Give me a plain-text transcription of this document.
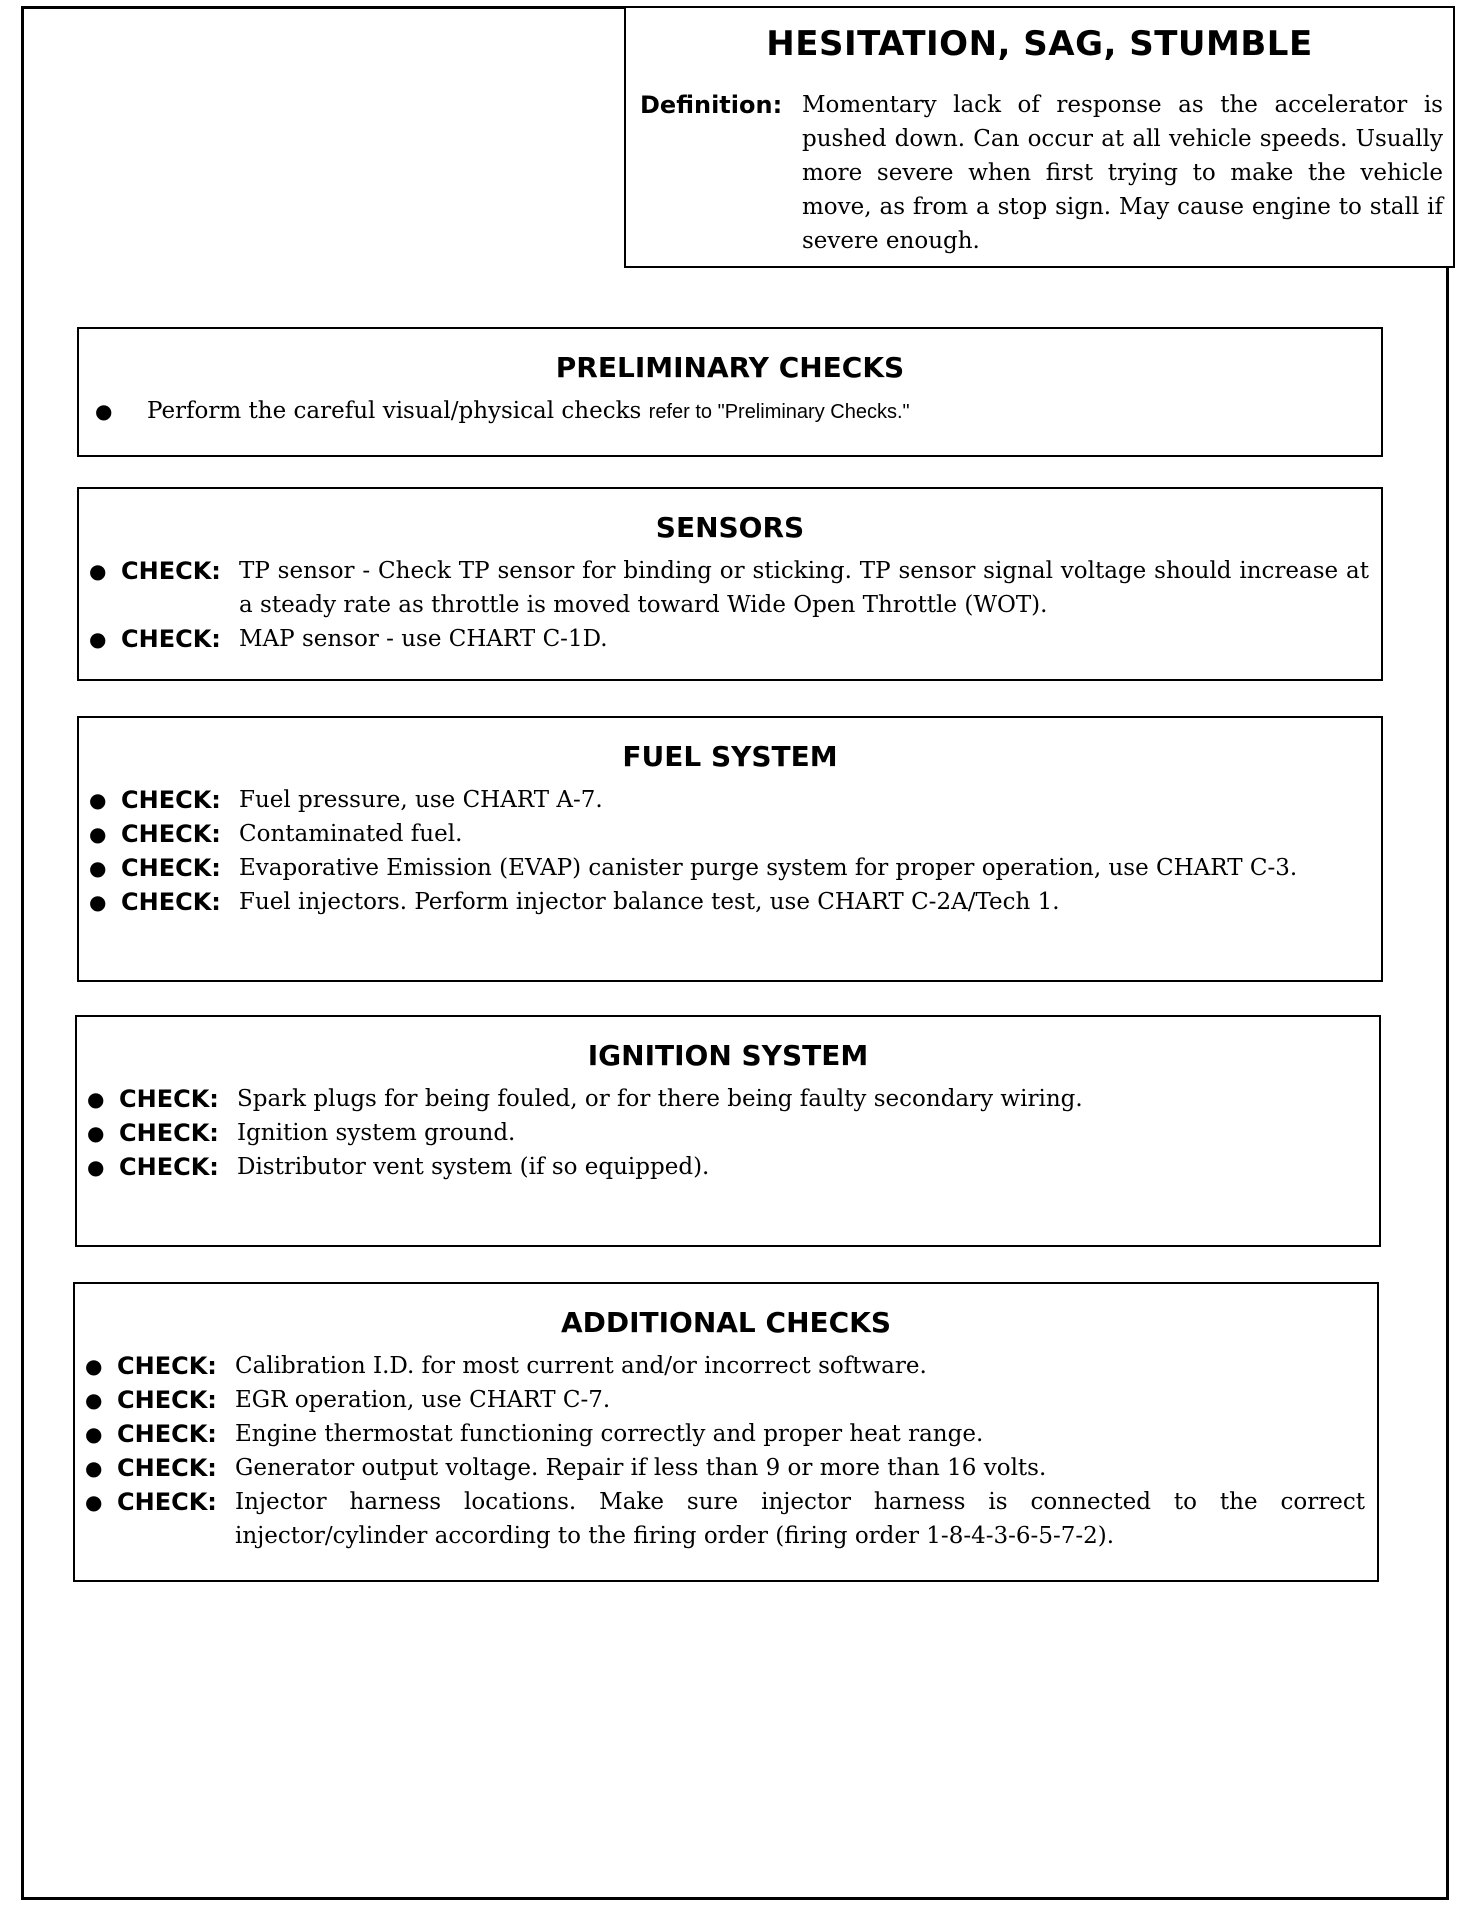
HESITATION, SAG, STUMBLE
Definition: Momentary lack of response as the accelerator is pushed down. Can occur at all vehicle speeds. Usually more severe when first trying to make the vehicle move, as from a stop sign. May cause engine to stall if severe enough.
PRELIMINARY CHECKS
●	Perform the careful visual/physical checks refer to "Preliminary Checks."
SENSORS
● CHECK: TP sensor - Check TP sensor for binding or sticking. TP sensor signal voltage should increase at a steady rate as throttle is moved toward Wide Open Throttle (WOT).
● CHECK: MAP sensor - use CHART C-1D.
FUEL SYSTEM
● CHECK: Fuel pressure, use CHART A-7.
● CHECK: Contaminated fuel.
● CHECK: Evaporative Emission (EVAP) canister purge system for proper operation, use CHART C-3.
● CHECK: Fuel injectors. Perform injector balance test, use CHART C-2A/Tech 1.
IGNITION SYSTEM
● CHECK: Spark plugs for being fouled, or for there being faulty secondary wiring.
● CHECK: Ignition system ground.
● CHECK: Distributor vent system (if so equipped).
ADDITIONAL CHECKS
● CHECK: Calibration I.D. for most current and/or incorrect software.
● CHECK: EGR operation, use CHART C-7.
● CHECK: Engine thermostat functioning correctly and proper heat range.
● CHECK: Generator output voltage. Repair if less than 9 or more than 16 volts.
● CHECK: Injector harness locations. Make sure injector harness is connected to the correct injector/cylinder according to the firing order (firing order 1-8-4-3-6-5-7-2).
